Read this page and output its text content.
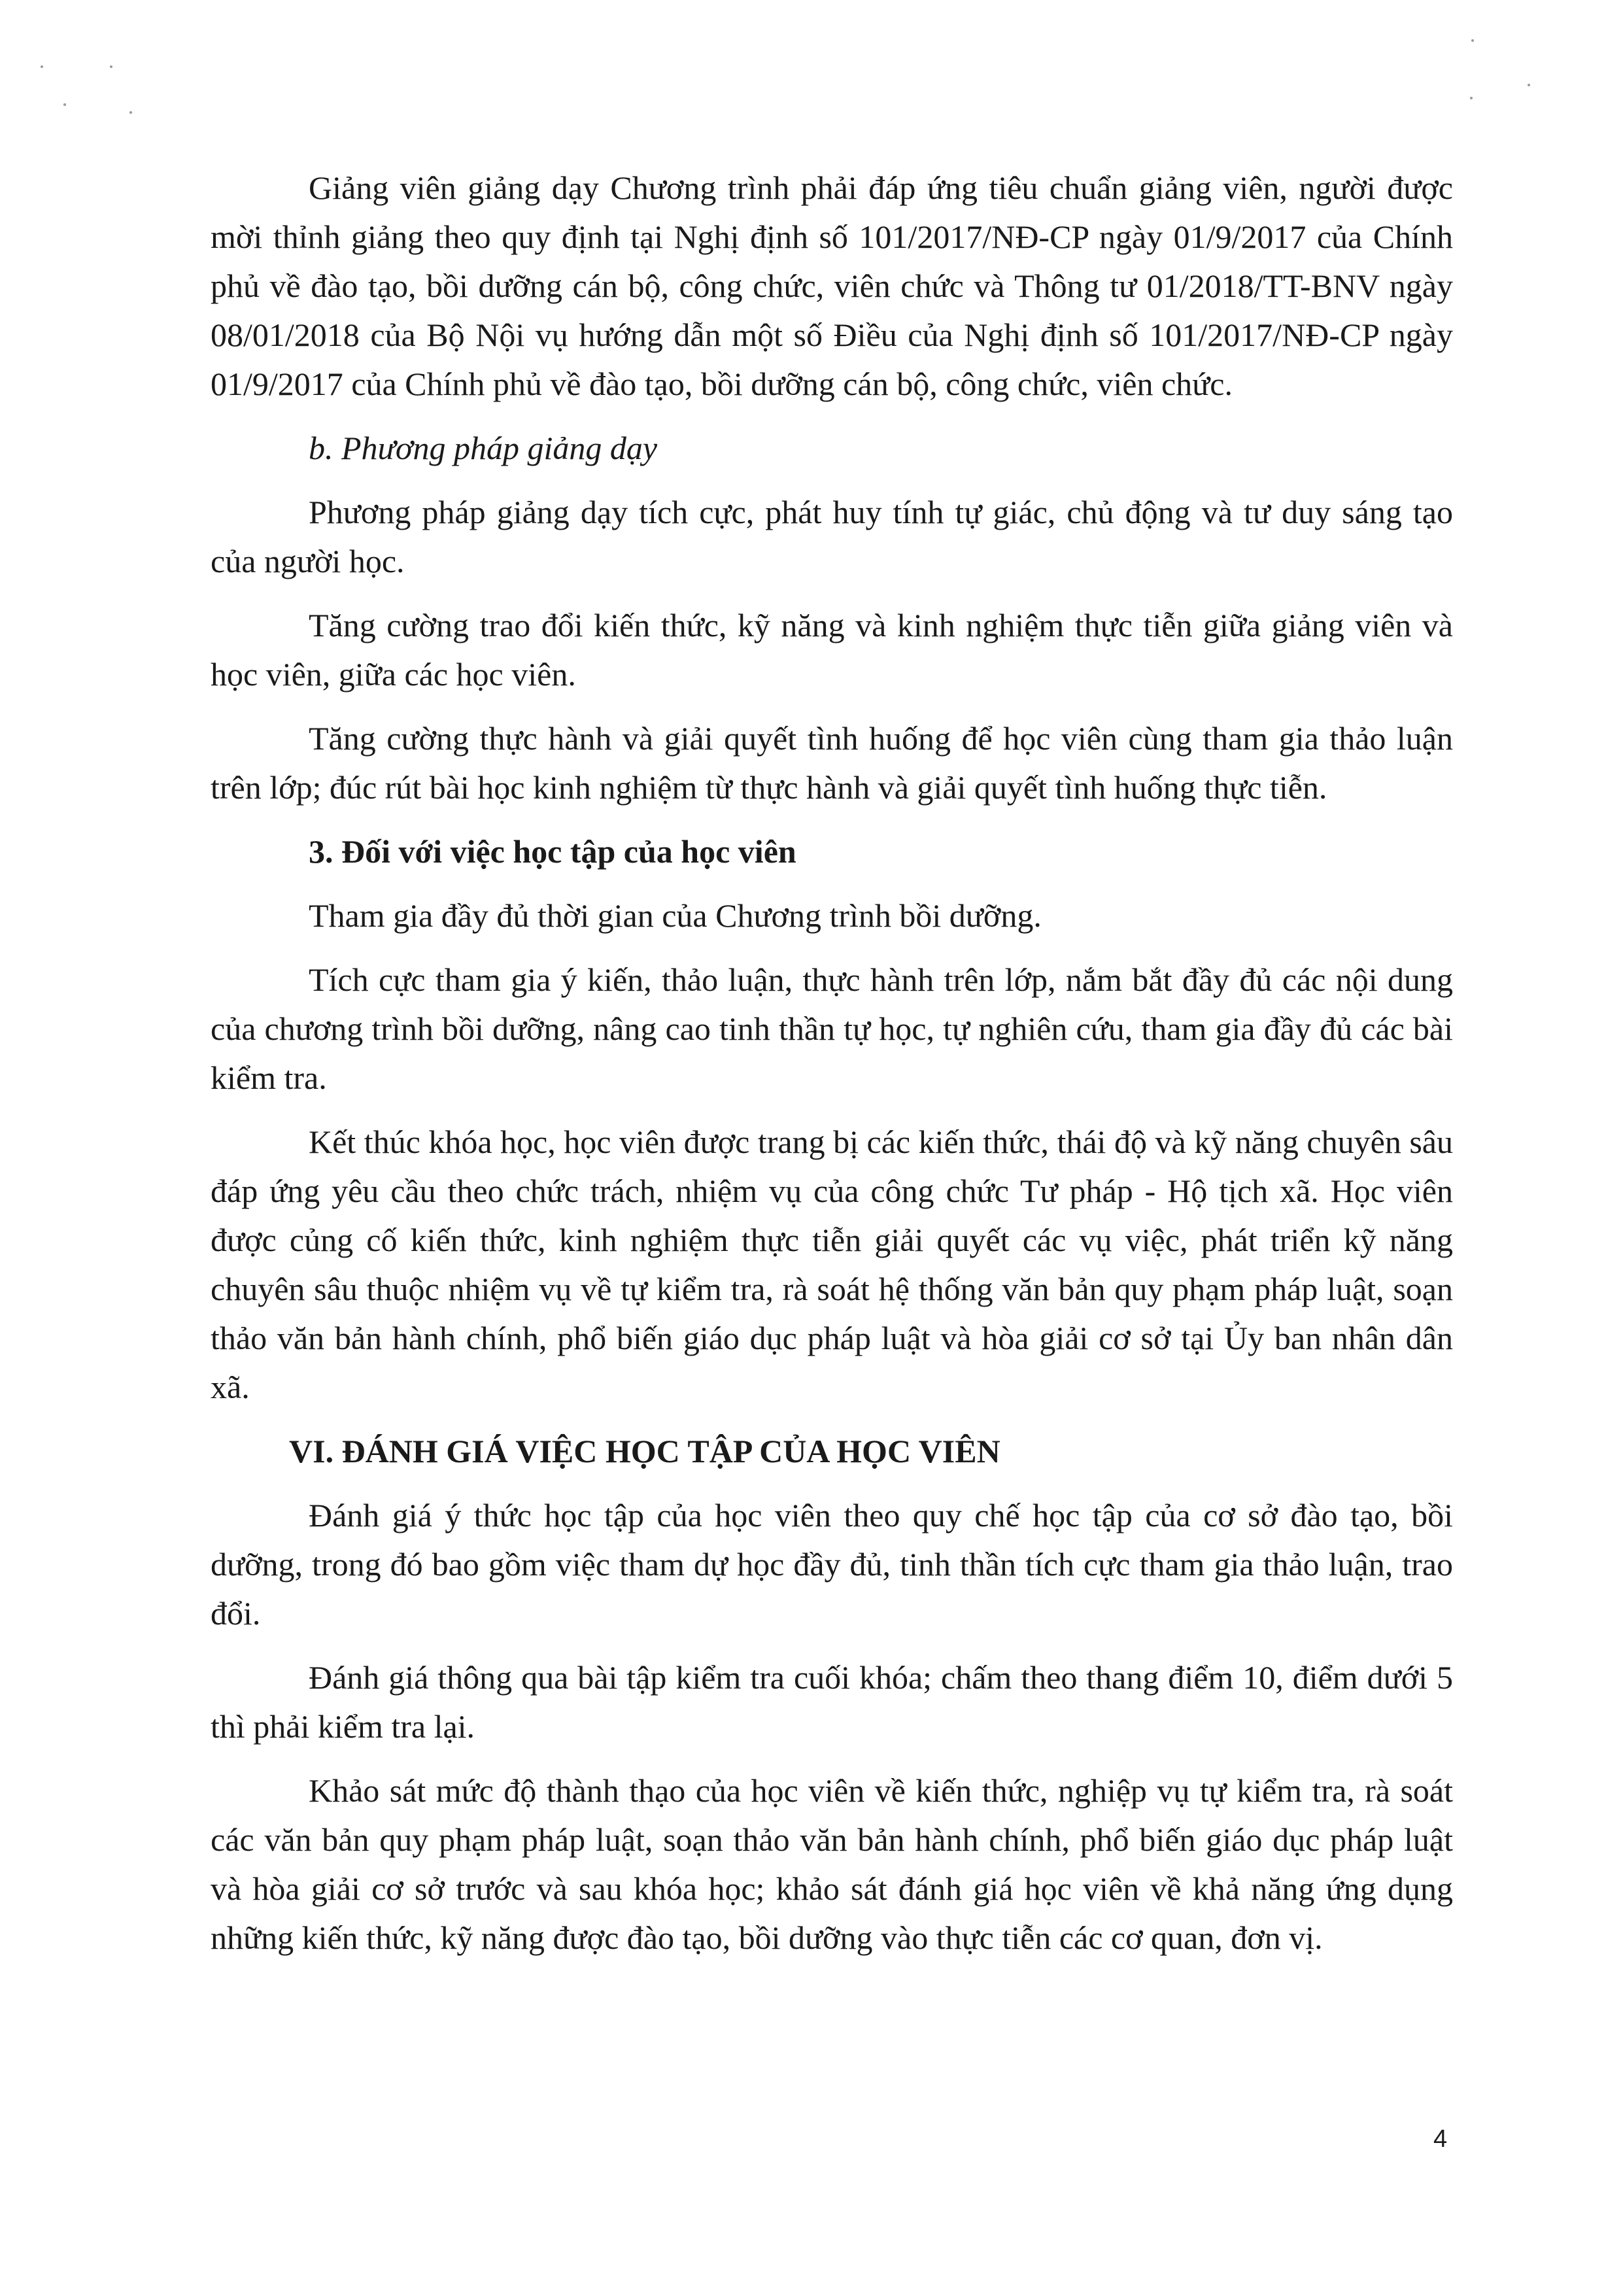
Giảng viên giảng dạy Chương trình phải đáp ứng tiêu chuẩn giảng viên, người được mời thỉnh giảng theo quy định tại Nghị định số 101/2017/NĐ-CP ngày 01/9/2017 của Chính phủ về đào tạo, bồi dưỡng cán bộ, công chức, viên chức và Thông tư 01/2018/TT-BNV ngày 08/01/2018 của Bộ Nội vụ hướng dẫn một số Điều của Nghị định số 101/2017/NĐ-CP ngày 01/9/2017 của Chính phủ về đào tạo, bồi dưỡng cán bộ, công chức, viên chức.

b. Phương pháp giảng dạy

Phương pháp giảng dạy tích cực, phát huy tính tự giác, chủ động và tư duy sáng tạo của người học.

Tăng cường trao đổi kiến thức, kỹ năng và kinh nghiệm thực tiễn giữa giảng viên và học viên, giữa các học viên.

Tăng cường thực hành và giải quyết tình huống để học viên cùng tham gia thảo luận trên lớp; đúc rút bài học kinh nghiệm từ thực hành và giải quyết tình huống thực tiễn.

3. Đối với việc học tập của học viên

Tham gia đầy đủ thời gian của Chương trình bồi dưỡng.

Tích cực tham gia ý kiến, thảo luận, thực hành trên lớp, nắm bắt đầy đủ các nội dung của chương trình bồi dưỡng, nâng cao tinh thần tự học, tự nghiên cứu, tham gia đầy đủ các bài kiểm tra.

Kết thúc khóa học, học viên được trang bị các kiến thức, thái độ và kỹ năng chuyên sâu đáp ứng yêu cầu theo chức trách, nhiệm vụ của công chức Tư pháp - Hộ tịch xã. Học viên được củng cố kiến thức, kinh nghiệm thực tiễn giải quyết các vụ việc, phát triển kỹ năng chuyên sâu thuộc nhiệm vụ về tự kiểm tra, rà soát hệ thống văn bản quy phạm pháp luật, soạn thảo văn bản hành chính, phổ biến giáo dục pháp luật và hòa giải cơ sở tại Ủy ban nhân dân xã.

VI. ĐÁNH GIÁ VIỆC HỌC TẬP CỦA HỌC VIÊN

Đánh giá ý thức học tập của học viên theo quy chế học tập của cơ sở đào tạo, bồi dưỡng, trong đó bao gồm việc tham dự học đầy đủ, tinh thần tích cực tham gia thảo luận, trao đổi.

Đánh giá thông qua bài tập kiểm tra cuối khóa; chấm theo thang điểm 10, điểm dưới 5 thì phải kiểm tra lại.

Khảo sát mức độ thành thạo của học viên về kiến thức, nghiệp vụ tự kiểm tra, rà soát các văn bản quy phạm pháp luật, soạn thảo văn bản hành chính, phổ biến giáo dục pháp luật và hòa giải cơ sở trước và sau khóa học; khảo sát đánh giá học viên về khả năng ứng dụng những kiến thức, kỹ năng được đào tạo, bồi dưỡng vào thực tiễn các cơ quan, đơn vị.

4
